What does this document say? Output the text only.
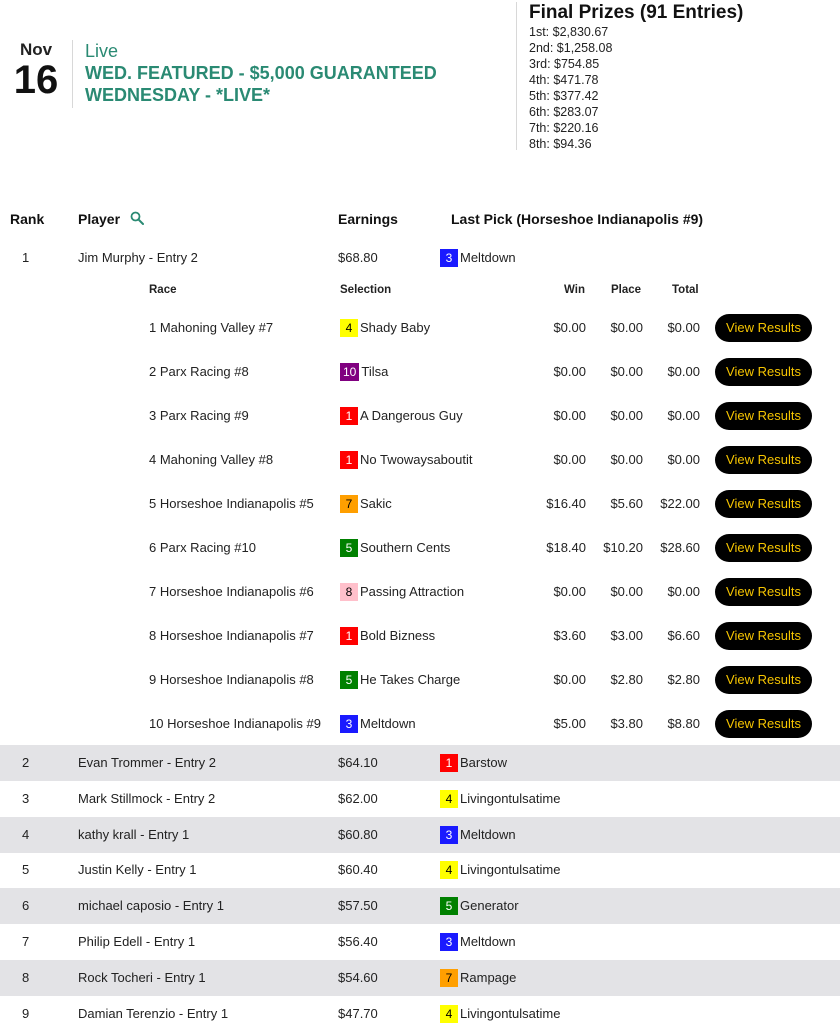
Nov
16
Live
WED. FEATURED - $5,000 GUARANTEED WEDNESDAY - *LIVE*
Final Prizes (91 Entries)
1st: $2,830.67
2nd: $1,258.08
3rd: $754.85
4th: $471.78
5th: $377.42
6th: $283.07
7th: $220.16
8th: $94.36
Rank Player	Earnings	Last Pick (Horseshoe Indianapolis #9)
1	Jim Murphy - Entry 2	$68.80	3 Meltdown
Race	Selection	Win Place	Total
1 Mahoning Valley #7	4 Shady Baby	$0.00 $0.00 $0.00	View Results
2 Parx Racing #8	10 Tilsa	$0.00 $0.00 $0.00	View Results
3 Parx Racing #9	1 A Dangerous Guy	$0.00 $0.00 $0.00	View Results
4 Mahoning Valley #8	1 No Twowaysaboutit	$0.00 $0.00 $0.00	View Results
5 Horseshoe Indianapolis #5	7 Sakic	$16.40 $5.60 $22.00	View Results
6 Parx Racing #10	5 Southern Cents	$18.40 $10.20 $28.60	View Results
7 Horseshoe Indianapolis #6	8 Passing Attraction	$0.00 $0.00 $0.00	View Results
8 Horseshoe Indianapolis #7	1 Bold Bizness	$3.60 $3.00 $6.60	View Results
9 Horseshoe Indianapolis #8	5 He Takes Charge	$0.00 $2.80 $2.80	View Results
10 Horseshoe Indianapolis #9	3 Meltdown	$5.00 $3.80 $8.80	View Results
2	Evan Trommer - Entry 2	$64.10	1 Barstow
3	Mark Stillmock - Entry 2	$62.00	4 Livingontulsatime
4	kathy krall - Entry 1	$60.80	3 Meltdown
5	Justin Kelly - Entry 1	$60.40	4 Livingontulsatime
6	michael caposio - Entry 1	$57.50	5 Generator
7	Philip Edell - Entry 1	$56.40	3 Meltdown
8	Rock Tocheri - Entry 1	$54.60	7 Rampage
9	Damian Terenzio - Entry 1	$47.70	4 Livingontulsatime
